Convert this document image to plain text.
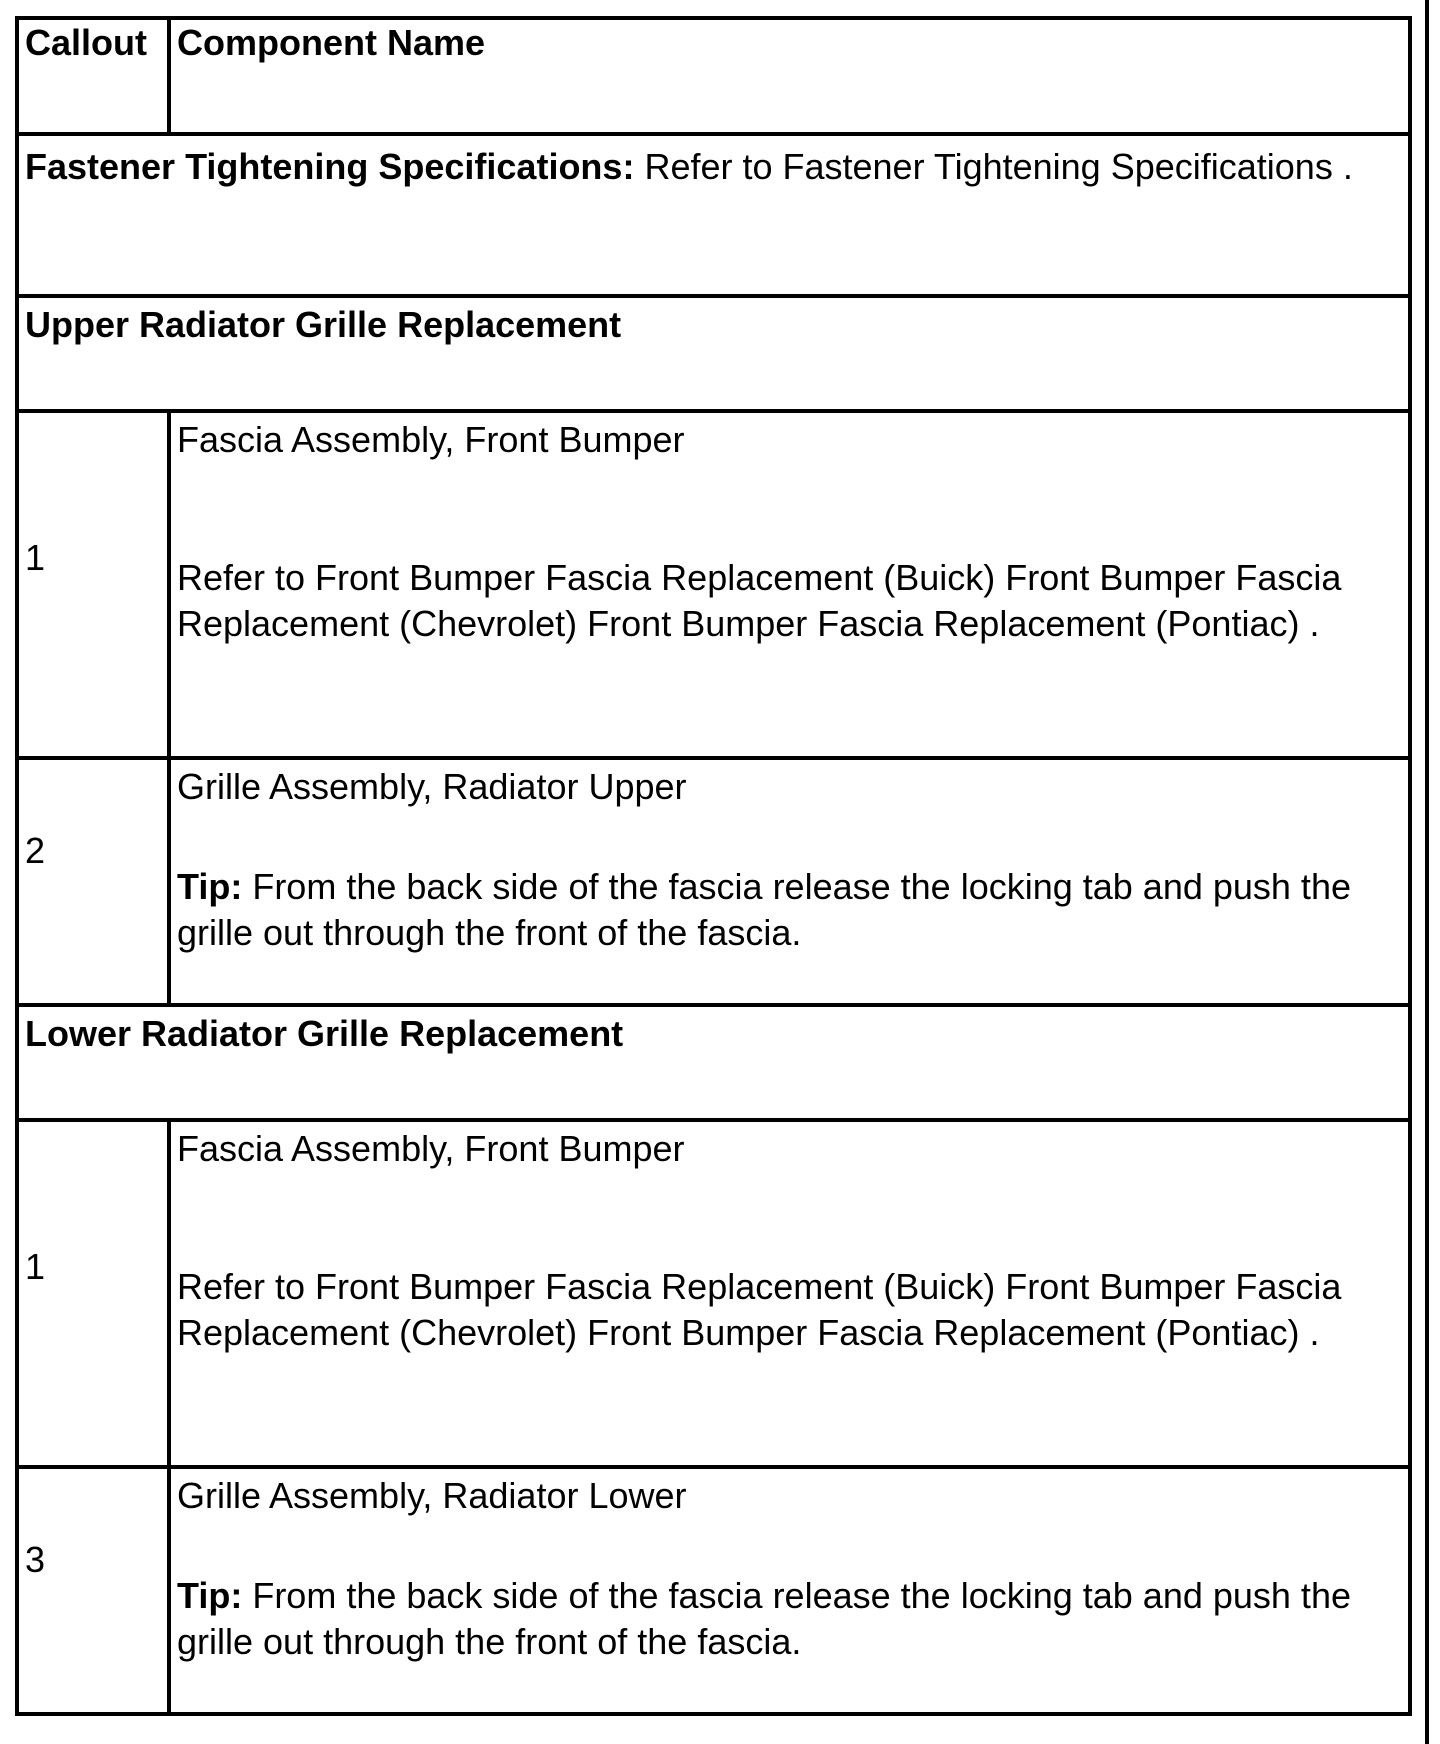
Callout	Component Name
Fastener Tightening Specifications: Refer to Fastener Tightening Specifications .	
Upper Radiator Grille Replacement	
1	Fascia Assembly, Front Bumper
Refer to Front Bumper Fascia Replacement (Buick) Front Bumper Fascia Replacement (Chevrolet) Front Bumper Fascia Replacement (Pontiac) .
2	Grille Assembly, Radiator Upper
Tip: From the back side of the fascia release the locking tab and push the grille out through the front of the fascia.
Lower Radiator Grille Replacement	
1	Fascia Assembly, Front Bumper
Refer to Front Bumper Fascia Replacement (Buick) Front Bumper Fascia Replacement (Chevrolet) Front Bumper Fascia Replacement (Pontiac) .
3	Grille Assembly, Radiator Lower
Tip: From the back side of the fascia release the locking tab and push the grille out through the front of the fascia.
